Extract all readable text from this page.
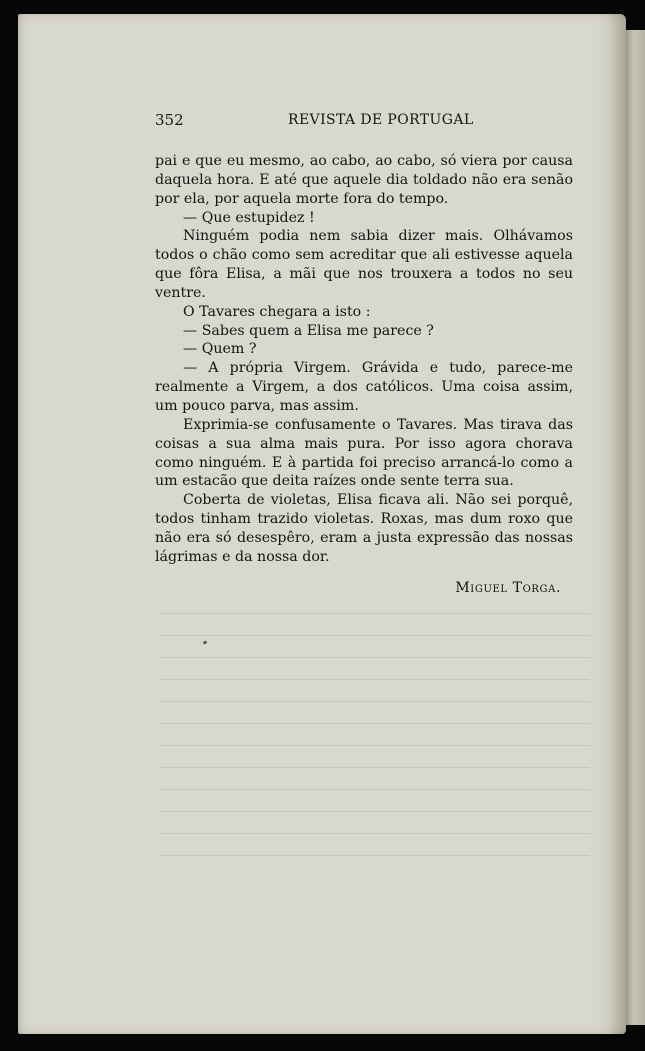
352	REVISTA DE PORTUGAL

pai e que eu mesmo, ao cabo, ao cabo, só viera por causa daquela hora. E até que aquele dia toldado não era senão por ela, por aquela morte fora do tempo.

— Que estupidez !

Ninguém podia nem sabia dizer mais. Olhávamos todos o chão como sem acreditar que ali estivesse aquela que fôra Elisa, a mãi que nos trouxera a todos no seu ventre.

O Tavares chegara a isto :

— Sabes quem a Elisa me parece ?

— Quem ?

— A própria Virgem. Grávida e tudo, parece-me realmente a Virgem, a dos católicos. Uma coisa assim, um pouco parva, mas assim.

Exprimia-se confusamente o Tavares. Mas tirava das coisas a sua alma mais pura. Por isso agora chorava como ninguém. E à partida foi preciso arrancá-lo como a um estacão que deita raízes onde sente terra sua.

Coberta de violetas, Elisa ficava ali. Não sei porquê, todos tinham trazido violetas. Roxas, mas dum roxo que não era só desespêro, eram a justa expressão das nossas lágrimas e da nossa dor.

Miguel Torga.
